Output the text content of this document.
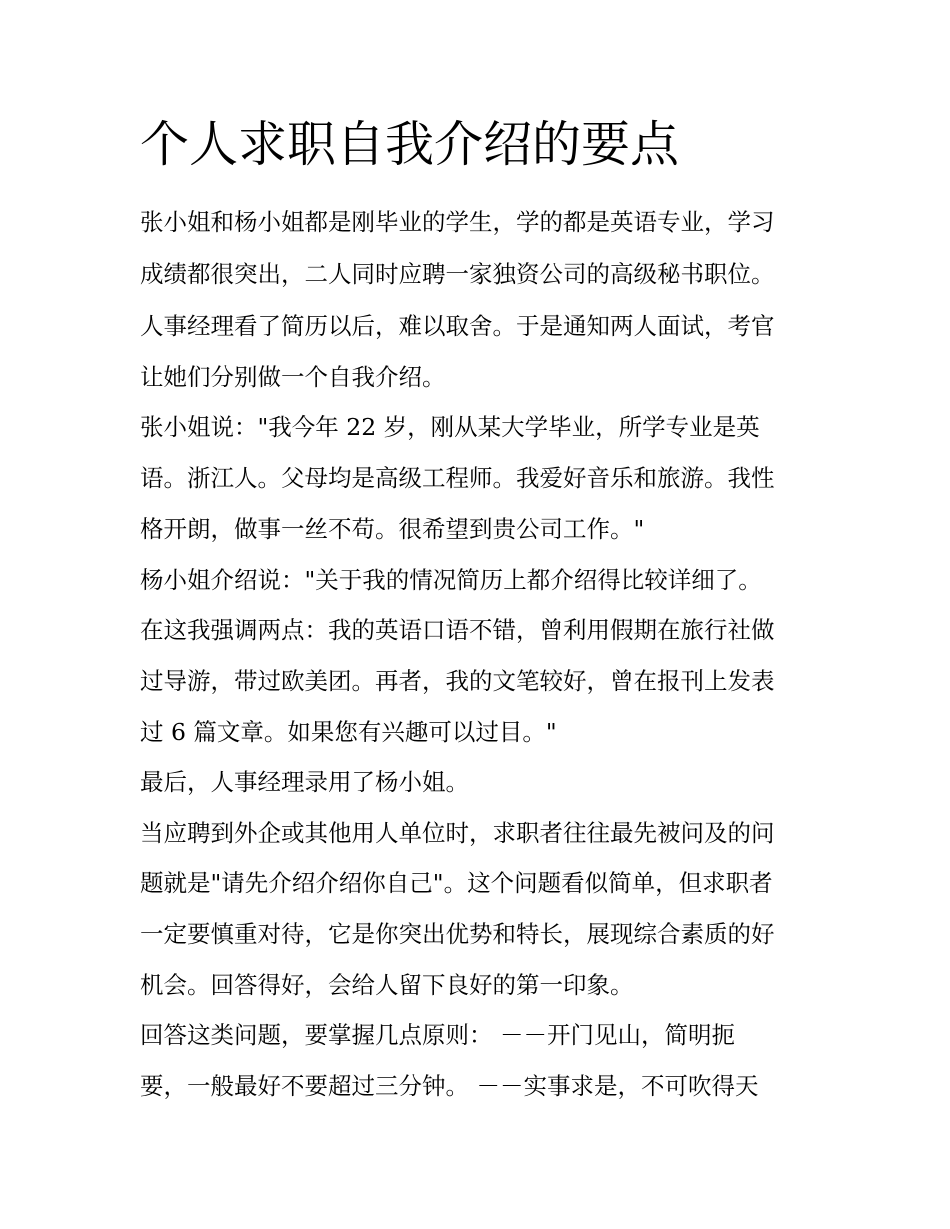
个人求职自我介绍的要点

张小姐和杨小姐都是刚毕业的学生，学的都是英语专业，学习

成绩都很突出，二人同时应聘一家独资公司的高级秘书职位。

人事经理看了简历以后，难以取舍。于是通知两人面试，考官

让她们分别做一个自我介绍。

张小姐说："我今年 22 岁，刚从某大学毕业，所学专业是英

语。浙江人。父母均是高级工程师。我爱好音乐和旅游。我性

格开朗，做事一丝不苟。很希望到贵公司工作。"

杨小姐介绍说："关于我的情况简历上都介绍得比较详细了。

在这我强调两点：我的英语口语不错，曾利用假期在旅行社做

过导游，带过欧美团。再者，我的文笔较好，曾在报刊上发表

过 6 篇文章。如果您有兴趣可以过目。"

最后，人事经理录用了杨小姐。

当应聘到外企或其他用人单位时，求职者往往最先被问及的问

题就是"请先介绍介绍你自己"。这个问题看似简单，但求职者

一定要慎重对待，它是你突出优势和特长，展现综合素质的好

机会。回答得好，会给人留下良好的第一印象。

回答这类问题，要掌握几点原则： －－开门见山，简明扼

要，一般最好不要超过三分钟。 －－实事求是，不可吹得天
